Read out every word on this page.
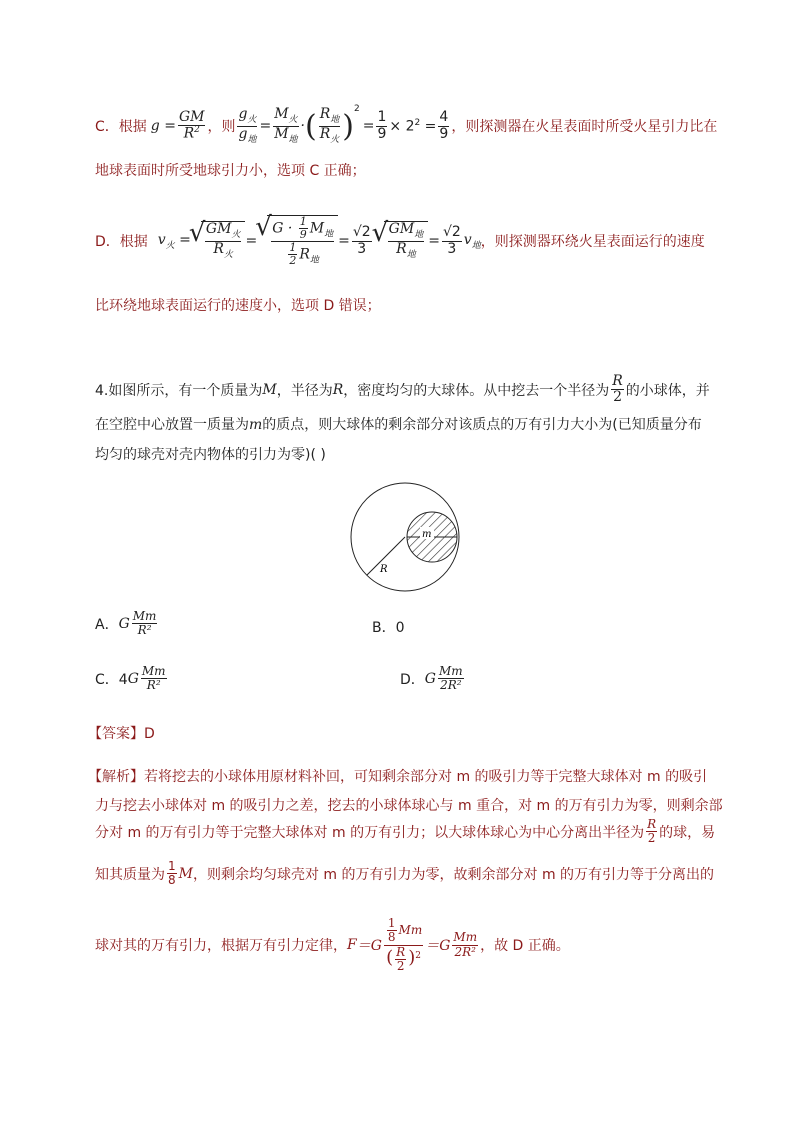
C．根据 $g = \frac{GM}{R^2}$ ，则 $\frac{g_火}{g_地} = \frac{M_火}{M_地}$ · ( $\frac{R_地}{R_火} )^2$
= $\frac{1}{9} \times 2^2 = \frac{4}{9}$ ，则探测器在火星表面时所受火星引力比在
地球表面时所受地球引力小，选项 C 正确；
D．根据 $v_火$ = √ $\frac{GM_火}{R_火}$ = √ $\frac{G \cdot \frac{1}{9} M_地}{\frac{1}{2} R_地} = \frac{√2}{3}$ √ $\frac{GM_地}{R_地} = \frac{√2}{3} v_地$ ，则探测器环绕火星表面运行的速度
比环绕地球表面运行的速度小，选项 D 错误；
4.如图所示，有一个质量为 M ，半径为 R ，密度均匀的大球体。从中挖去一个半径为 $\frac{R}{2}$ 的小球体，并
在空腔中心放置一质量为m的质点，则大球体的剩余部分对该质点的万有引力大小为(已知质量分布
均匀的球壳对壳内物体的引力为零)( )
m
R
A． G $\frac{Mm}{\text{R²}}$	B．0
C．4 G $\frac{Mm}{\text{R²}}$	D． G $\frac{Mm}{\text{2R²}}$
【答案】D
【解析】若将挖去的小球体用原材料补回，可知剩余部分对 m 的吸引力等于完整大球体对 m 的吸引
力与挖去小球体对 m 的吸引力之差，挖去的小球体球心与 m 重合，对 m 的万有引力为零，则剩余部
分对 m 的万有引力等于完整大球体对 m 的万有引力；以大球体球心为中心分离出半径为 $\frac{R}{2}$ 的球，易
知其质量为 $\frac{1}{8}$ M ，则剩余均匀球壳对 m 的万有引力为零，故剩余部分对 m 的万有引力等于分离出的
球对其的万有引力，根据万有引力定律， $F =G \frac{\frac{1}{8} Mm}{( \frac{R}{2} )^2} =G \frac{Mm}{\text{2R²}}$ ，故 D 正确。
